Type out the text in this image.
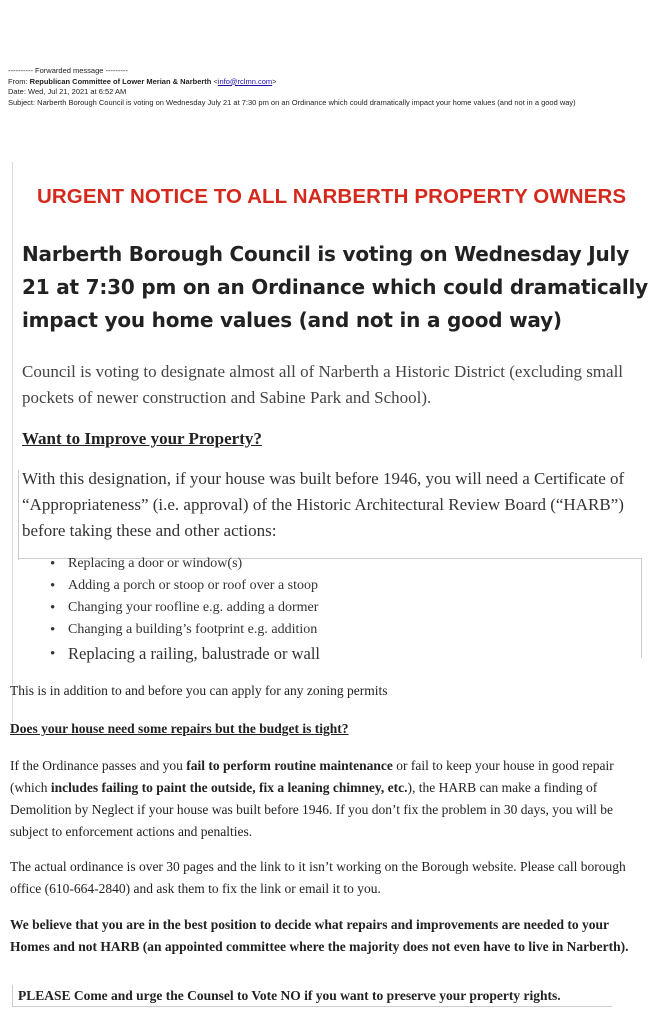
---------- Forwarded message ---------
From: Republican Committee of Lower Merian & Narberth <info@rclmn.com>
Date: Wed, Jul 21, 2021 at 6:52 AM
Subject: Narberth Borough Council is voting on Wednesday July 21 at 7:30 pm on an Ordinance which could dramatically impact your home values (and not in a good way)
URGENT NOTICE TO ALL NARBERTH PROPERTY OWNERS
Narberth Borough Council is voting on Wednesday July 21 at 7:30 pm on an Ordinance which could dramatically impact you home values (and not in a good way)
Council is voting to designate almost all of Narberth a Historic District (excluding small pockets of newer construction and Sabine Park and School).
Want to Improve your Property?
With this designation, if your house was built before 1946, you will need a Certificate of “Appropriateness” (i.e. approval) of the Historic Architectural Review Board (“HARB”) before taking these and other actions:
• Replacing a door or window(s)
• Adding a porch or stoop or roof over a stoop
• Changing your roofline e.g. adding a dormer
• Changing a building’s footprint e.g. addition
• Replacing a railing, balustrade or wall
This is in addition to and before you can apply for any zoning permits
Does your house need some repairs but the budget is tight?
If the Ordinance passes and you fail to perform routine maintenance or fail to keep your house in good repair (which includes failing to paint the outside, fix a leaning chimney, etc.), the HARB can make a finding of Demolition by Neglect if your house was built before 1946. If you don’t fix the problem in 30 days, you will be subject to enforcement actions and penalties.
The actual ordinance is over 30 pages and the link to it isn’t working on the Borough website. Please call borough office (610-664-2840) and ask them to fix the link or email it to you.
We believe that you are in the best position to decide what repairs and improvements are needed to your Homes and not HARB (an appointed committee where the majority does not even have to live in Narberth).
PLEASE Come and urge the Counsel to Vote NO if you want to preserve your property rights.
